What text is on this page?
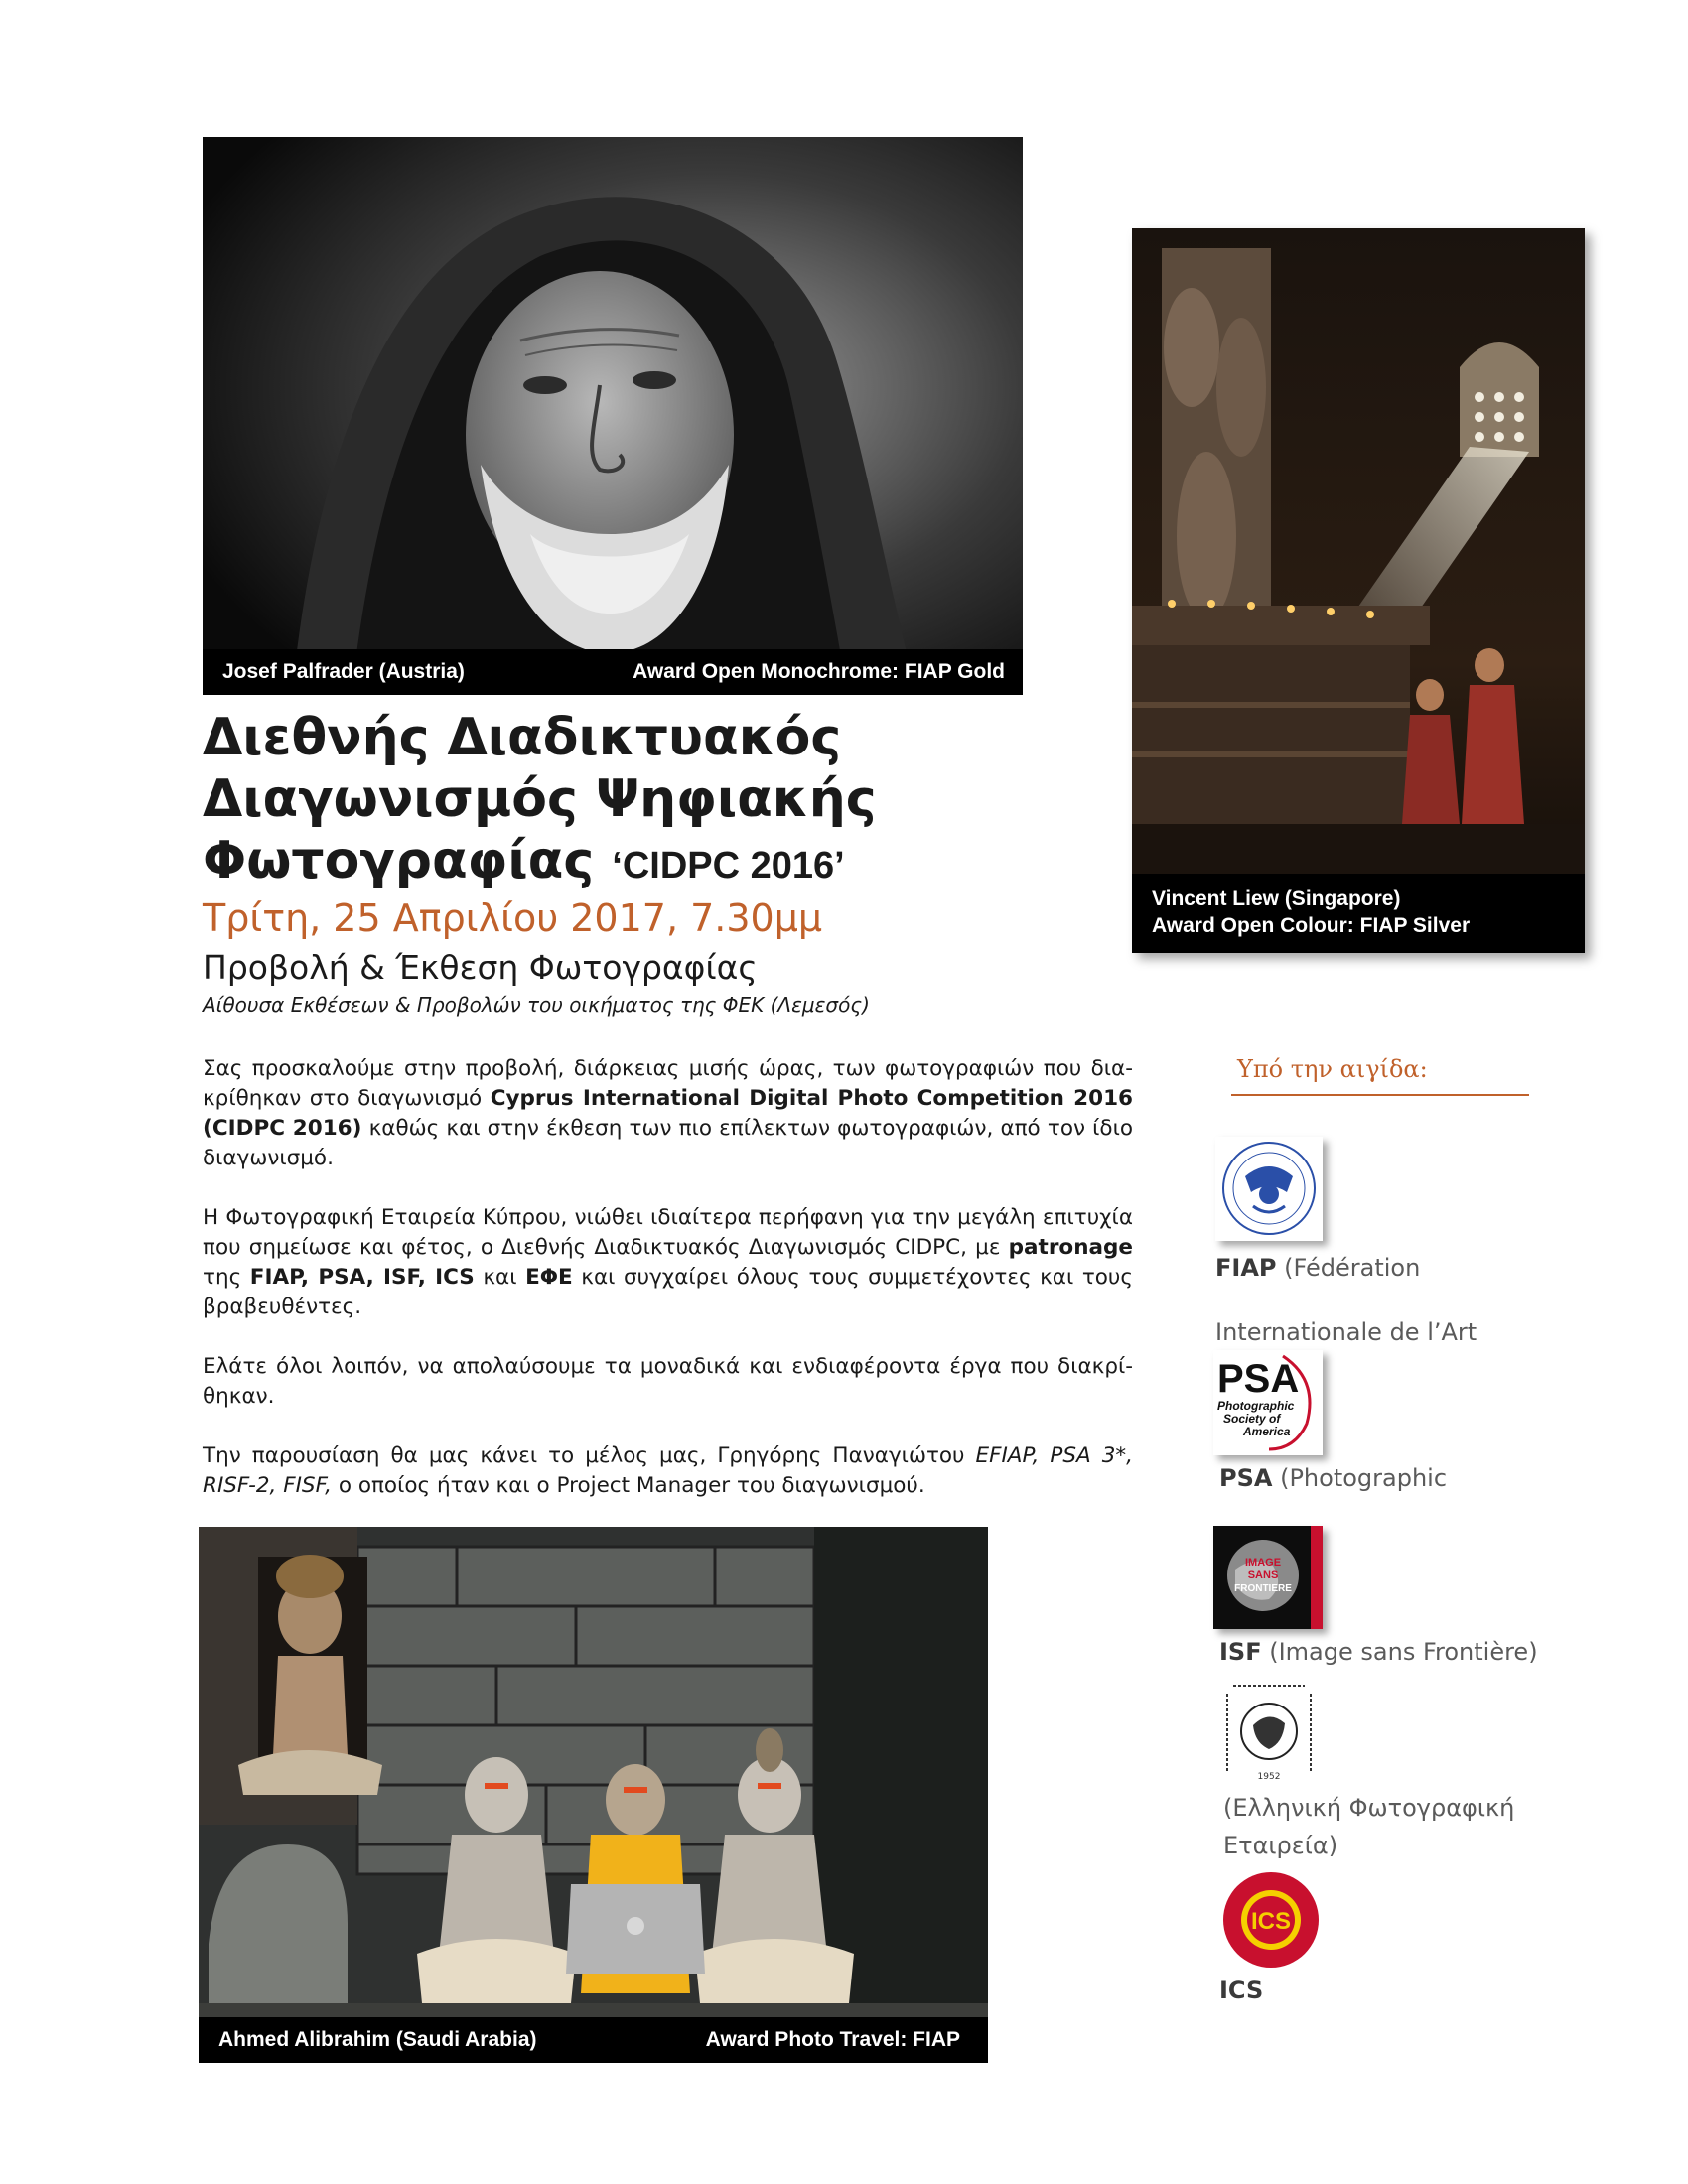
Josef Palfrader (Austria)	Award Open Monochrome: FIAP Gold
Vincent Liew (Singapore)
Award Open Colour: FIAP Silver
Διεθνής Διαδικτυακός
Διαγωνισμός Ψηφιακής
Φωτογραφίας ‘CIDPC 2016’
Τρίτη, 25 Απριλίου 2017, 7.30μμ
Προβολή & Έκθεση Φωτογραφίας
Αίθουσα Εκθέσεων & Προβολών του οικήματος της ΦΕΚ (Λεμεσός)

Σας προσκαλούμε στην προβολή, διάρκειας μισής ώρας, των φωτογραφιών που δια-κρίθηκαν στο διαγωνισμό Cyprus International Digital Photo Competition 2016 (CIDPC 2016) καθώς και στην έκθεση των πιο επίλεκτων φωτογραφιών, από τον ίδιο διαγωνισμό.

Η Φωτογραφική Εταιρεία Κύπρου, νιώθει ιδιαίτερα περήφανη για την μεγάλη επιτυχία που σημείωσε και φέτος, ο Διεθνής Διαδικτυακός Διαγωνισμός CIDPC, με patronage της FIAP, PSA, ISF, ICS και ΕΦΕ και συγχαίρει όλους τους συμμετέχοντες και τους βραβευθέντες.

Ελάτε όλοι λοιπόν, να απολαύσουμε τα μοναδικά και ενδιαφέροντα έργα που διακρί-θηκαν.

Την παρουσίαση θα μας κάνει το μέλος μας, Γρηγόρης Παναγιώτου EFIAP, PSA 3*, RISF-2, FISF, ο οποίος ήταν και ο Project Manager του διαγωνισμού.

Ahmed Alibrahim (Saudi Arabia)	Award Photo Travel: FIAP
Υπό την αιγίδα:
FIAP (Fédération
Internationale de l’Art
PSA
Photographic
Society of
America
PSA (Photographic
IMAGE
SANS
FRONTIERE
ISF (Image sans Frontière)
1952
(Ελληνική Φωτογραφική
Εταιρεία)
ICS
ICS
